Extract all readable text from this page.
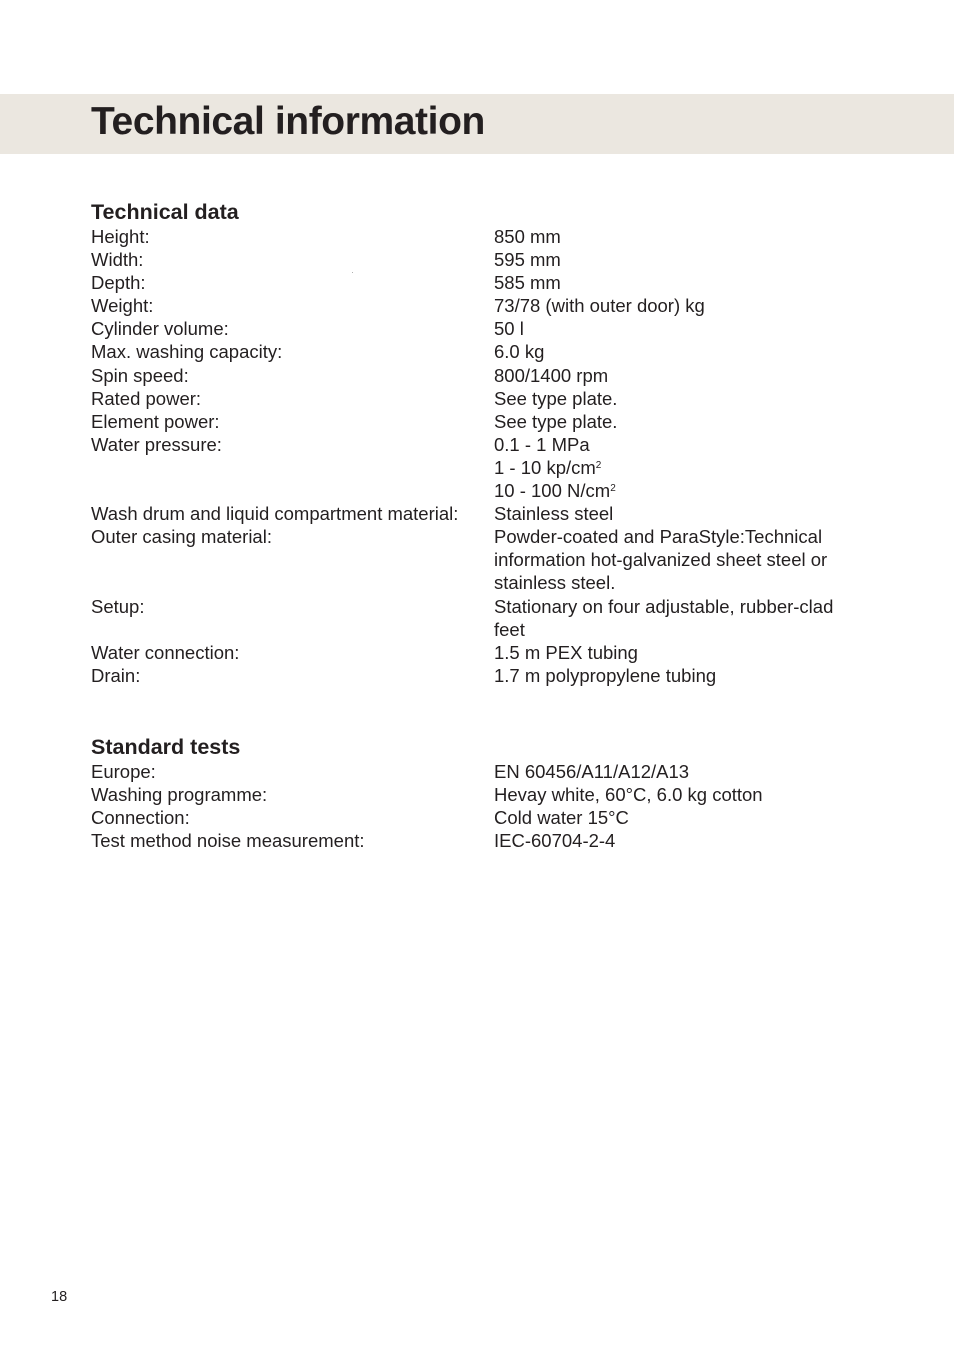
Technical information
Technical data
Height:	850 mm
Width:	595 mm
Depth:	585 mm
Weight:	73/78 (with outer door) kg
Cylinder volume:	50 l
Max. washing capacity:	6.0 kg
Spin speed:	800/1400 rpm
Rated power:	See type plate.
Element power:	See type plate.
Water pressure:	0.1 - 1 MPa
1 - 10 $kp/cm^2$
10 - 100 $N/cm^2$
Wash drum and liquid compartment material:	Stainless steel
Outer casing material:	Powder-coated and ParaStyle:Technical information hot-galvanized sheet steel or stainless steel.
Setup:	Stationary on four adjustable, rubber-clad feet
Water connection:	1.5 m PEX tubing
Drain:	1.7 m polypropylene tubing
Standard tests
Europe:	EN 60456/A11/A12/A13
Washing programme:	Hevay white, 60°C, 6.0 kg cotton
Connection:	Cold water 15°C
Test method noise measurement:	IEC-60704-2-4
18
